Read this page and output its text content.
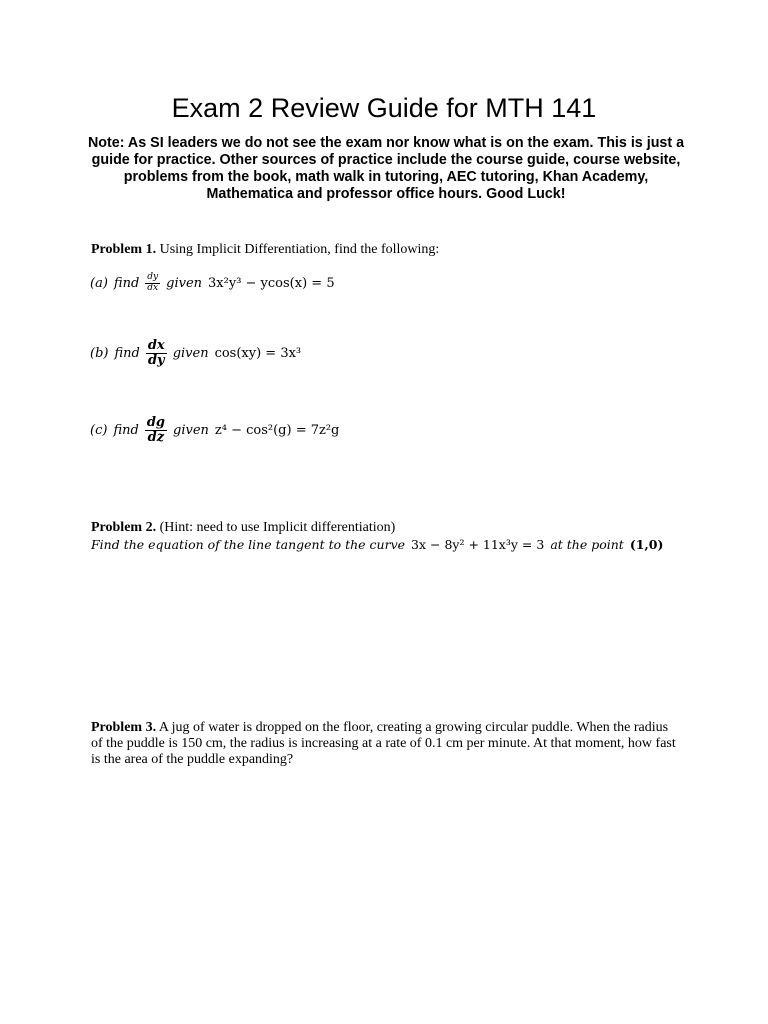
Exam 2 Review Guide for MTH 141
Note: As SI leaders we do not see the exam nor know what is on the exam. This is just a guide for practice. Other sources of practice include the course guide, course website, problems from the book, math walk in tutoring, AEC tutoring, Khan Academy, Mathematica and professor office hours. Good Luck!
Problem 1. Using Implicit Differentiation, find the following:
(a) find $\frac{dy}{dx}$ given 3x²y³ − ycos(x) = 5
(b) find $\frac{dx}{dy}$ given cos(xy) = 3x³
(c) find $\frac{dg}{dz}$ given z⁴ − cos²(g) = 7z²g
Problem 2. (Hint: need to use Implicit differentiation)
Find the equation of the line tangent to the curve 3x − 8y² + 11x³y = 3 at the point (1,0)
Problem 3. A jug of water is dropped on the floor, creating a growing circular puddle. When the radius of the puddle is 150 cm, the radius is increasing at a rate of 0.1 cm per minute. At that moment, how fast is the area of the puddle expanding?
